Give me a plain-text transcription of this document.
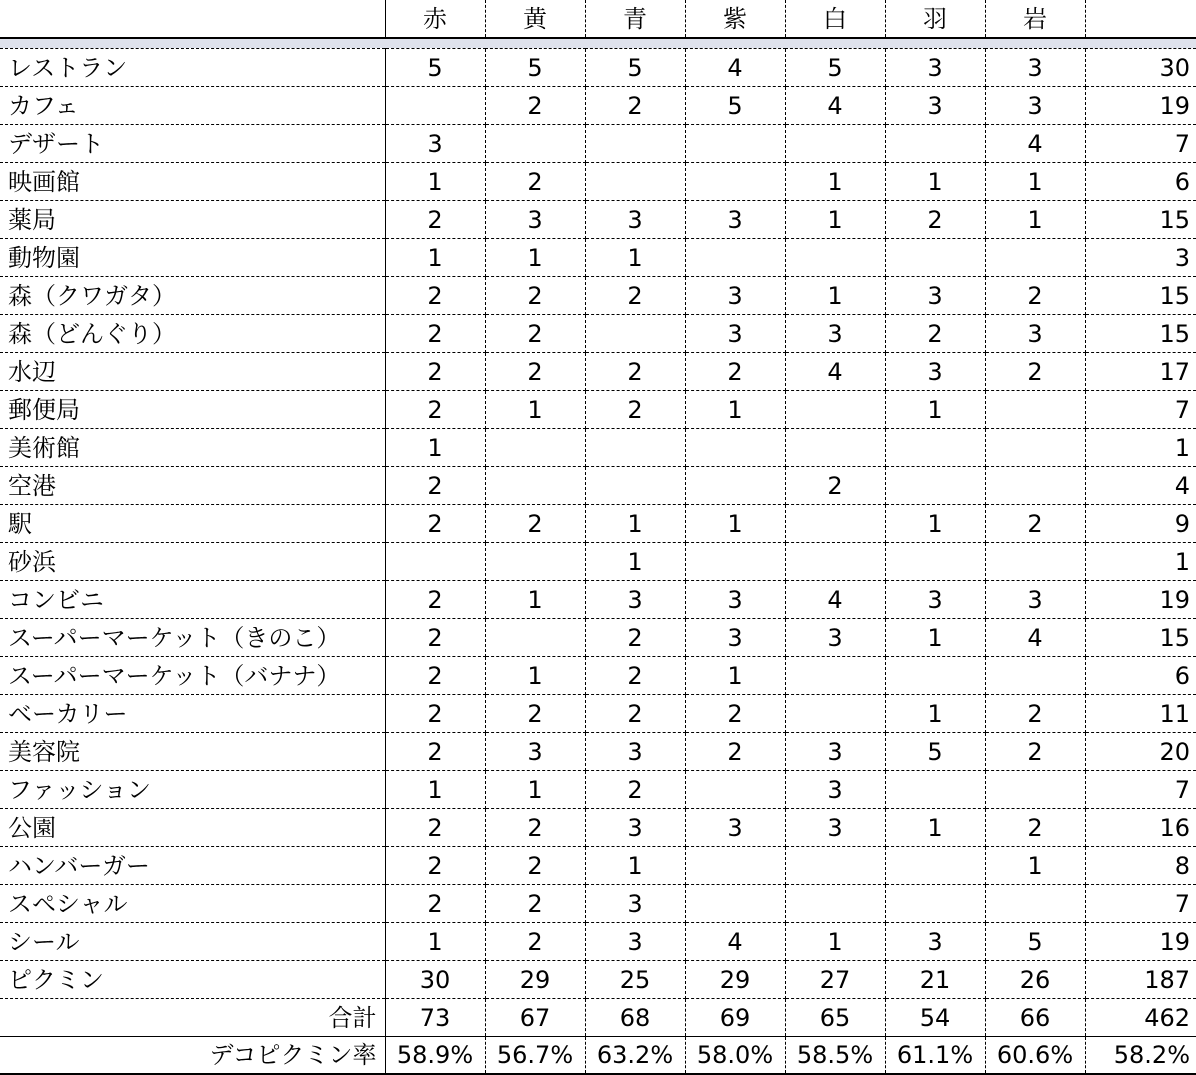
	赤	黄	青	紫	白	羽	岩	

レストラン	5	5	5	4	5	3	3	30
カフェ		2	2	5	4	3	3	19
デザート	3						4	7
映画館	1	2			1	1	1	6
薬局	2	3	3	3	1	2	1	15
動物園	1	1	1					3
森（クワガタ）	2	2	2	3	1	3	2	15
森（どんぐり）	2	2		3	3	2	3	15
水辺	2	2	2	2	4	3	2	17
郵便局	2	1	2	1		1		7
美術館	1							1
空港	2				2			4
駅	2	2	1	1		1	2	9
砂浜			1					1
コンビニ	2	1	3	3	4	3	3	19
スーパーマーケット（きのこ）	2		2	3	3	1	4	15
スーパーマーケット（バナナ）	2	1	2	1				6
ベーカリー	2	2	2	2		1	2	11
美容院	2	3	3	2	3	5	2	20
ファッション	1	1	2		3			7
公園	2	2	3	3	3	1	2	16
ハンバーガー	2	2	1				1	8
スペシャル	2	2	3					7
シール	1	2	3	4	1	3	5	19
ピクミン	30	29	25	29	27	21	26	187
合計	73	67	68	69	65	54	66	462
デコピクミン率	58.9%	56.7%	63.2%	58.0%	58.5%	61.1%	60.6%	58.2%
